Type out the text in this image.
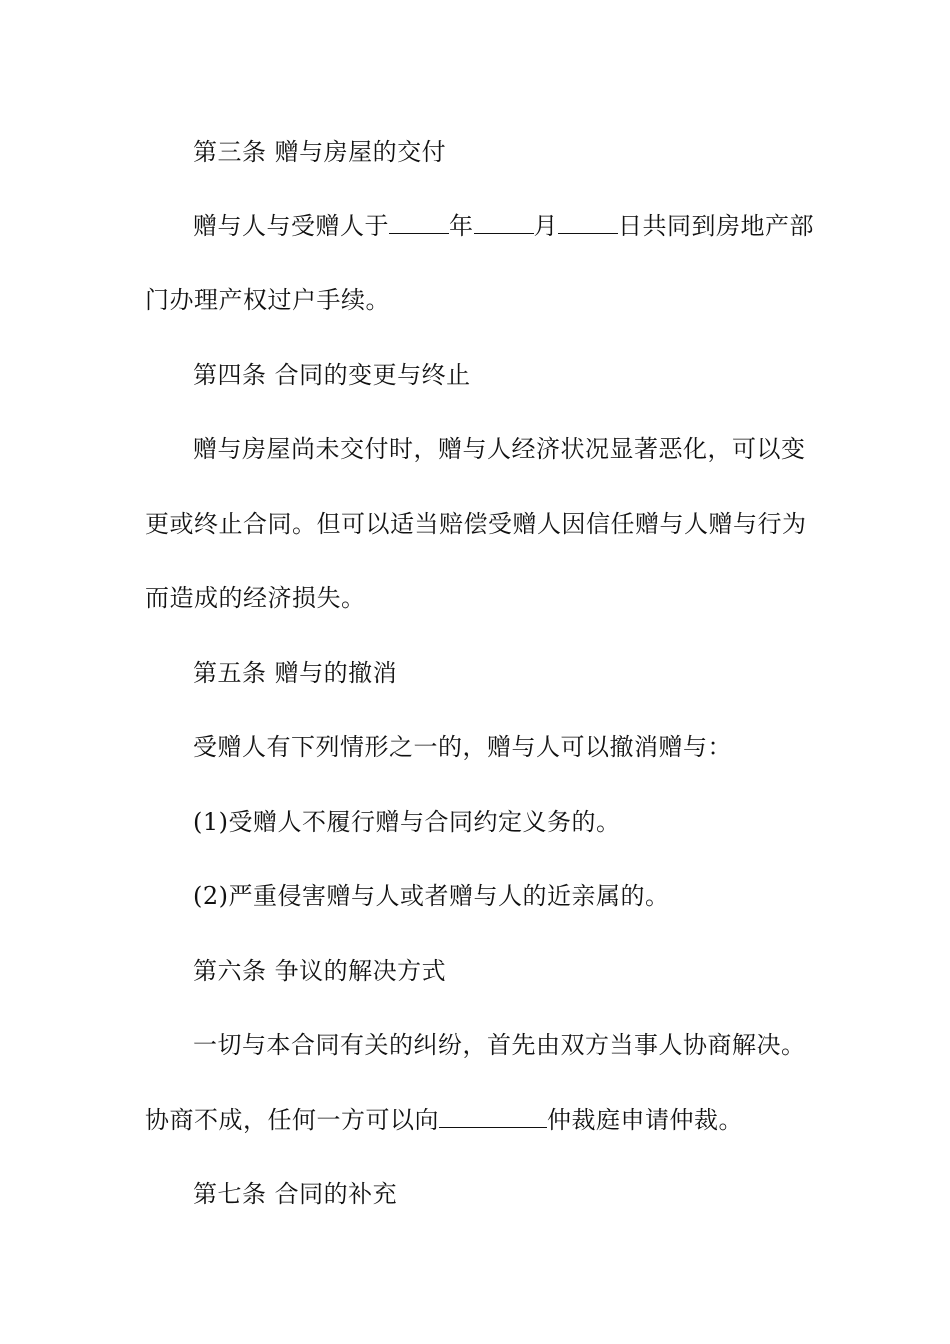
第三条 赠与房屋的交付
赠与人与受赠人于	年	月	日共同到房地产部
门办理产权过户手续。
第四条 合同的变更与终止
赠与房屋尚未交付时，赠与人经济状况显著恶化，可以变
更或终止合同。但可以适当赔偿受赠人因信任赠与人赠与行为
而造成的经济损失。
第五条 赠与的撤消
受赠人有下列情形之一的，赠与人可以撤消赠与：
(1)受赠人不履行赠与合同约定义务的。
(2)严重侵害赠与人或者赠与人的近亲属的。
第六条 争议的解决方式
一切与本合同有关的纠纷，首先由双方当事人协商解决。
协商不成，任何一方可以向	仲裁庭申请仲裁。
第七条 合同的补充
